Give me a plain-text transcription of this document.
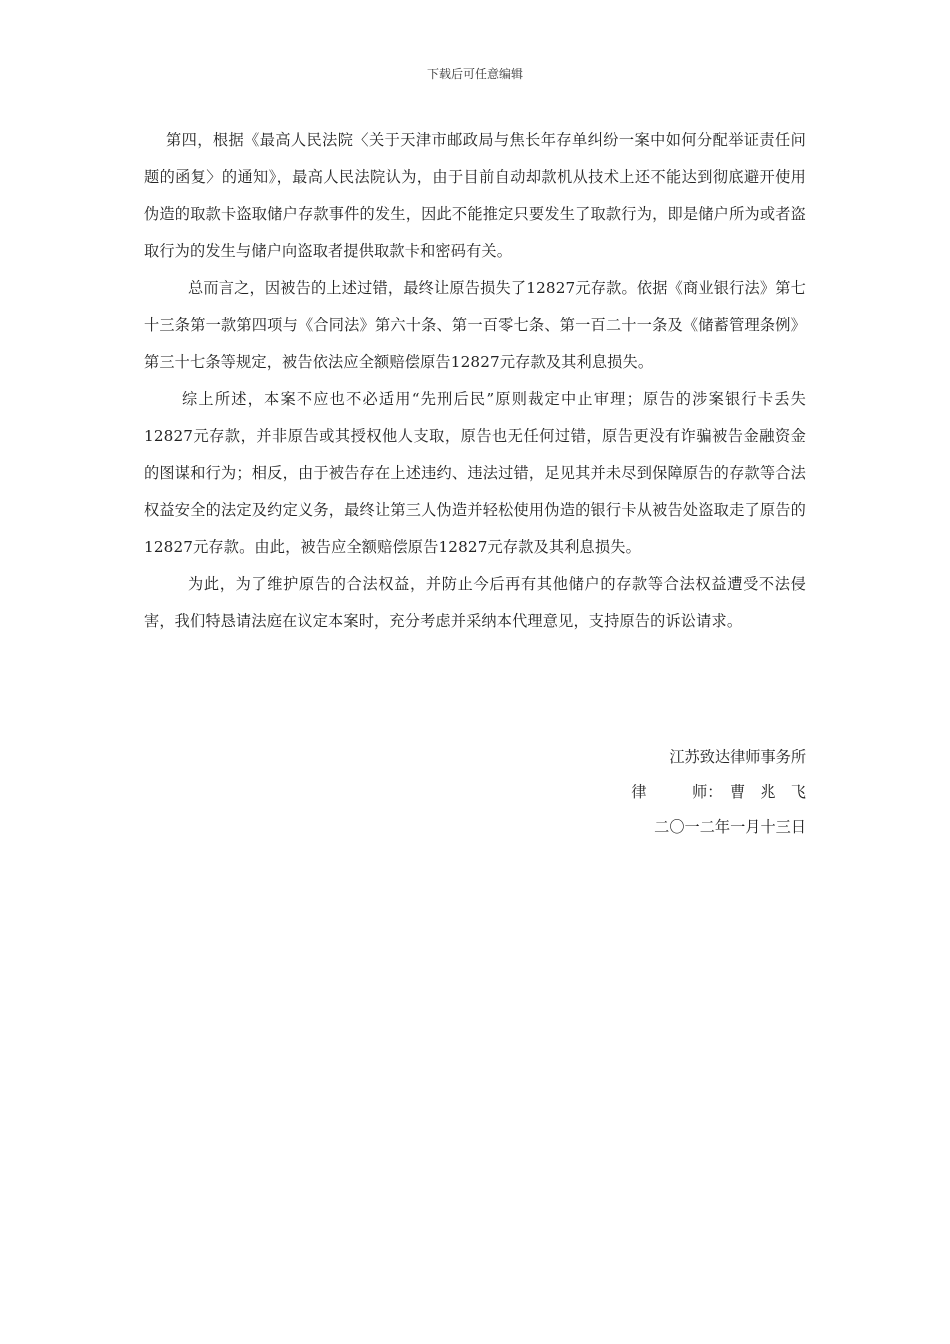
下载后可任意编辑

第四，根据《最高人民法院〈关于天津市邮政局与焦长年存单纠纷一案中如何分配举证责任问题的函复〉的通知》，最高人民法院认为，由于目前自动却款机从技术上还不能达到彻底避开使用伪造的取款卡盗取储户存款事件的发生，因此不能推定只要发生了取款行为，即是储户所为或者盗取行为的发生与储户向盗取者提供取款卡和密码有关。

总而言之，因被告的上述过错，最终让原告损失了12827元存款。依据《商业银行法》第七十三条第一款第四项与《合同法》第六十条、第一百零七条、第一百二十一条及《储蓄管理条例》第三十七条等规定，被告依法应全额赔偿原告12827元存款及其利息损失。

综上所述，本案不应也不必适用“先刑后民”原则裁定中止审理；原告的涉案银行卡丢失12827元存款，并非原告或其授权他人支取，原告也无任何过错，原告更没有诈骗被告金融资金的图谋和行为；相反，由于被告存在上述违约、违法过错，足见其并未尽到保障原告的存款等合法权益安全的法定及约定义务，最终让第三人伪造并轻松使用伪造的银行卡从被告处盗取走了原告的12827元存款。由此，被告应全额赔偿原告12827元存款及其利息损失。

为此，为了维护原告的合法权益，并防止今后再有其他储户的存款等合法权益遭受不法侵害，我们特恳请法庭在议定本案时，充分考虑并采纳本代理意见，支持原告的诉讼请求。

江苏致达律师事务所
律　　　师：　曹　兆　飞
二〇一二年一月十三日
